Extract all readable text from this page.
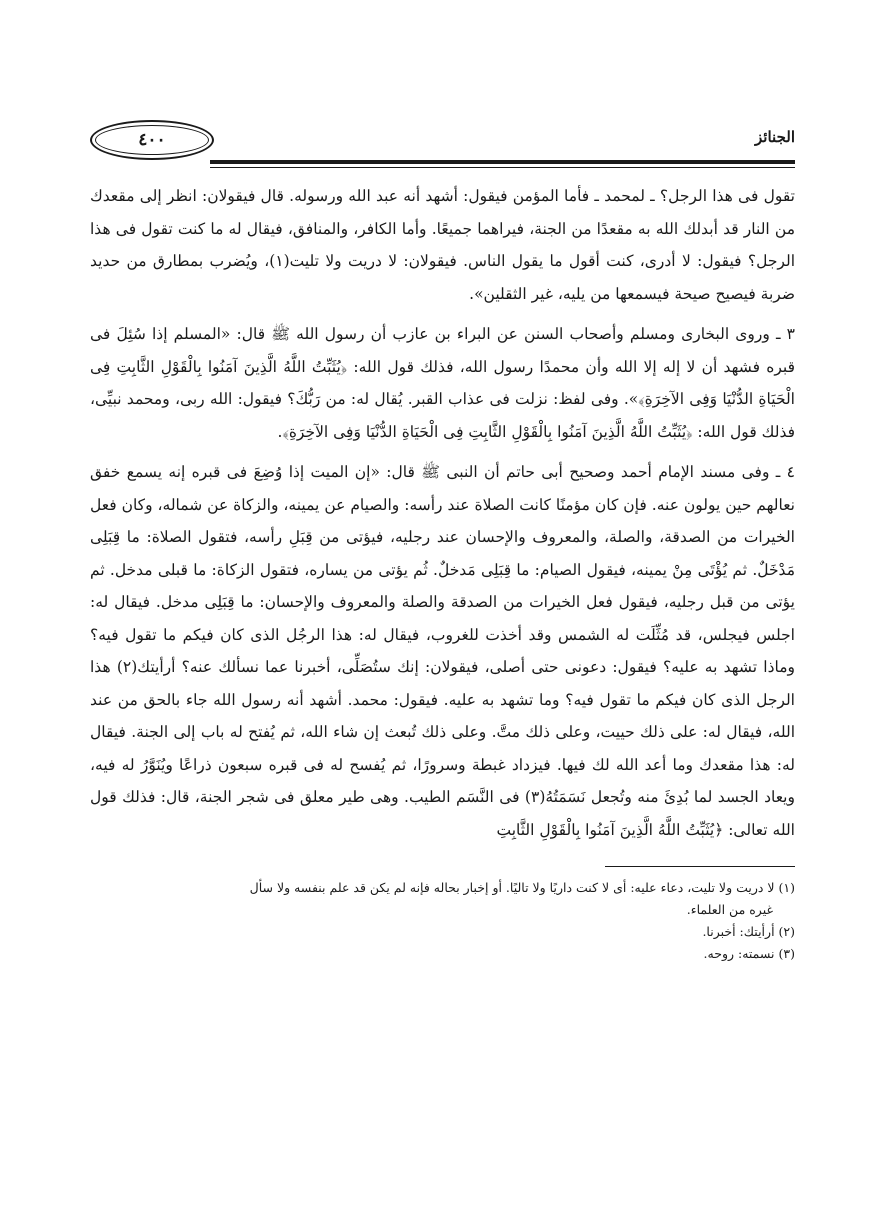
الجنائز
٤٠٠

تقول فى هذا الرجل؟ ـ لمحمد ـ فأما المؤمن فيقول: أشهد أنه عبد الله ورسوله. قال فيقولان: انظر إلى مقعدك من النار قد أبدلك الله به مقعدًا من الجنة، فيراهما جميعًا. وأما الكافر، والمنافق، فيقال له ما كنت تقول فى هذا الرجل؟ فيقول: لا أدرى، كنت أقول ما يقول الناس. فيقولان: لا دريت ولا تليت(١)، ويُضرب بمطارق من حديد ضربة فيصيح صيحة فيسمعها من يليه، غير الثقلين».

٣ ـ وروى البخارى ومسلم وأصحاب السنن عن البراء بن عازب أن رسول الله ﷺ قال: «المسلم إذا سُئِلَ فى قبره فشهد أن لا إله إلا الله وأن محمدًا رسول الله، فذلك قول الله: ﴿يُثَبِّتُ اللَّهُ الَّذِينَ آمَنُوا بِالْقَوْلِ الثَّابِتِ فِى الْحَيَاةِ الدُّنْيَا وَفِى الآخِرَةِ﴾». وفى لفظ: نزلت فى عذاب القبر. يُقال له: من رَبُّكَ؟ فيقول: الله ربى، ومحمد نبيِّى، فذلك قول الله: ﴿يُثَبِّتُ اللَّهُ الَّذِينَ آمَنُوا بِالْقَوْلِ الثَّابِتِ فِى الْحَيَاةِ الدُّنْيَا وَفِى الآخِرَةِ﴾.

٤ ـ وفى مسند الإمام أحمد وصحيح أبى حاتم أن النبى ﷺ قال: «إن الميت إذا وُضِعَ فى قبره إنه يسمع خفق نعالهم حين يولون عنه. فإن كان مؤمنًا كانت الصلاة عند رأسه: والصيام عن يمينه، والزكاة عن شماله، وكان فعل الخيرات من الصدقة، والصلة، والمعروف والإحسان عند رجليه، فيؤتى من قِبَلِ رأسه، فتقول الصلاة: ما قِبَلِى مَدْخَلٌ. ثم يُؤْتَى مِنْ يمينه، فيقول الصيام: ما قِبَلِى مَدخلٌ. ثُم يؤتى من يساره، فتقول الزكاة: ما قبلى مدخل. ثم يؤتى من قبل رجليه، فيقول فعل الخيرات من الصدقة والصلة والمعروف والإحسان: ما قِبَلِى مدخل. فيقال له: اجلس فيجلس، قد مُثِّلَت له الشمس وقد أخذت للغروب، فيقال له: هذا الرجُل الذى كان فيكم ما تقول فيه؟ وماذا تشهد به عليه؟ فيقول: دعونى حتى أصلى، فيقولان: إنك ستُصَلِّى، أخبرنا عما نسألك عنه؟ أرأيتك(٢) هذا الرجل الذى كان فيكم ما تقول فيه؟ وما تشهد به عليه. فيقول: محمد. أشهد أنه رسول الله جاء بالحق من عند الله، فيقال له: على ذلك حييت، وعلى ذلك متَّ. وعلى ذلك تُبعث إن شاء الله، ثم يُفتح له باب إلى الجنة. فيقال له: هذا مقعدك وما أعد الله لك فيها. فيزداد غبطة وسرورًا، ثم يُفسح له فى قبره سبعون ذراعًا ويُنَوَّرُ له فيه، ويعاد الجسد لما بُدِئَ منه وتُجعل نَسَمَتُهُ(٣) فى النَّسَم الطيب. وهى طير معلق فى شجر الجنة، قال: فذلك قول الله تعالى: ﴿يُثَبِّتُ اللَّهُ الَّذِينَ آمَنُوا بِالْقَوْلِ الثَّابِتِ

(١) لا دريت ولا تليت، دعاء عليه: أى لا كنت داريًا ولا تاليًا. أو إخبار بحاله فإنه لم يكن قد علم بنفسه ولا سأل

غيره من العلماء.

(٢) أرأيتك: أخبرنا.

(٣) نسمته: روحه.
